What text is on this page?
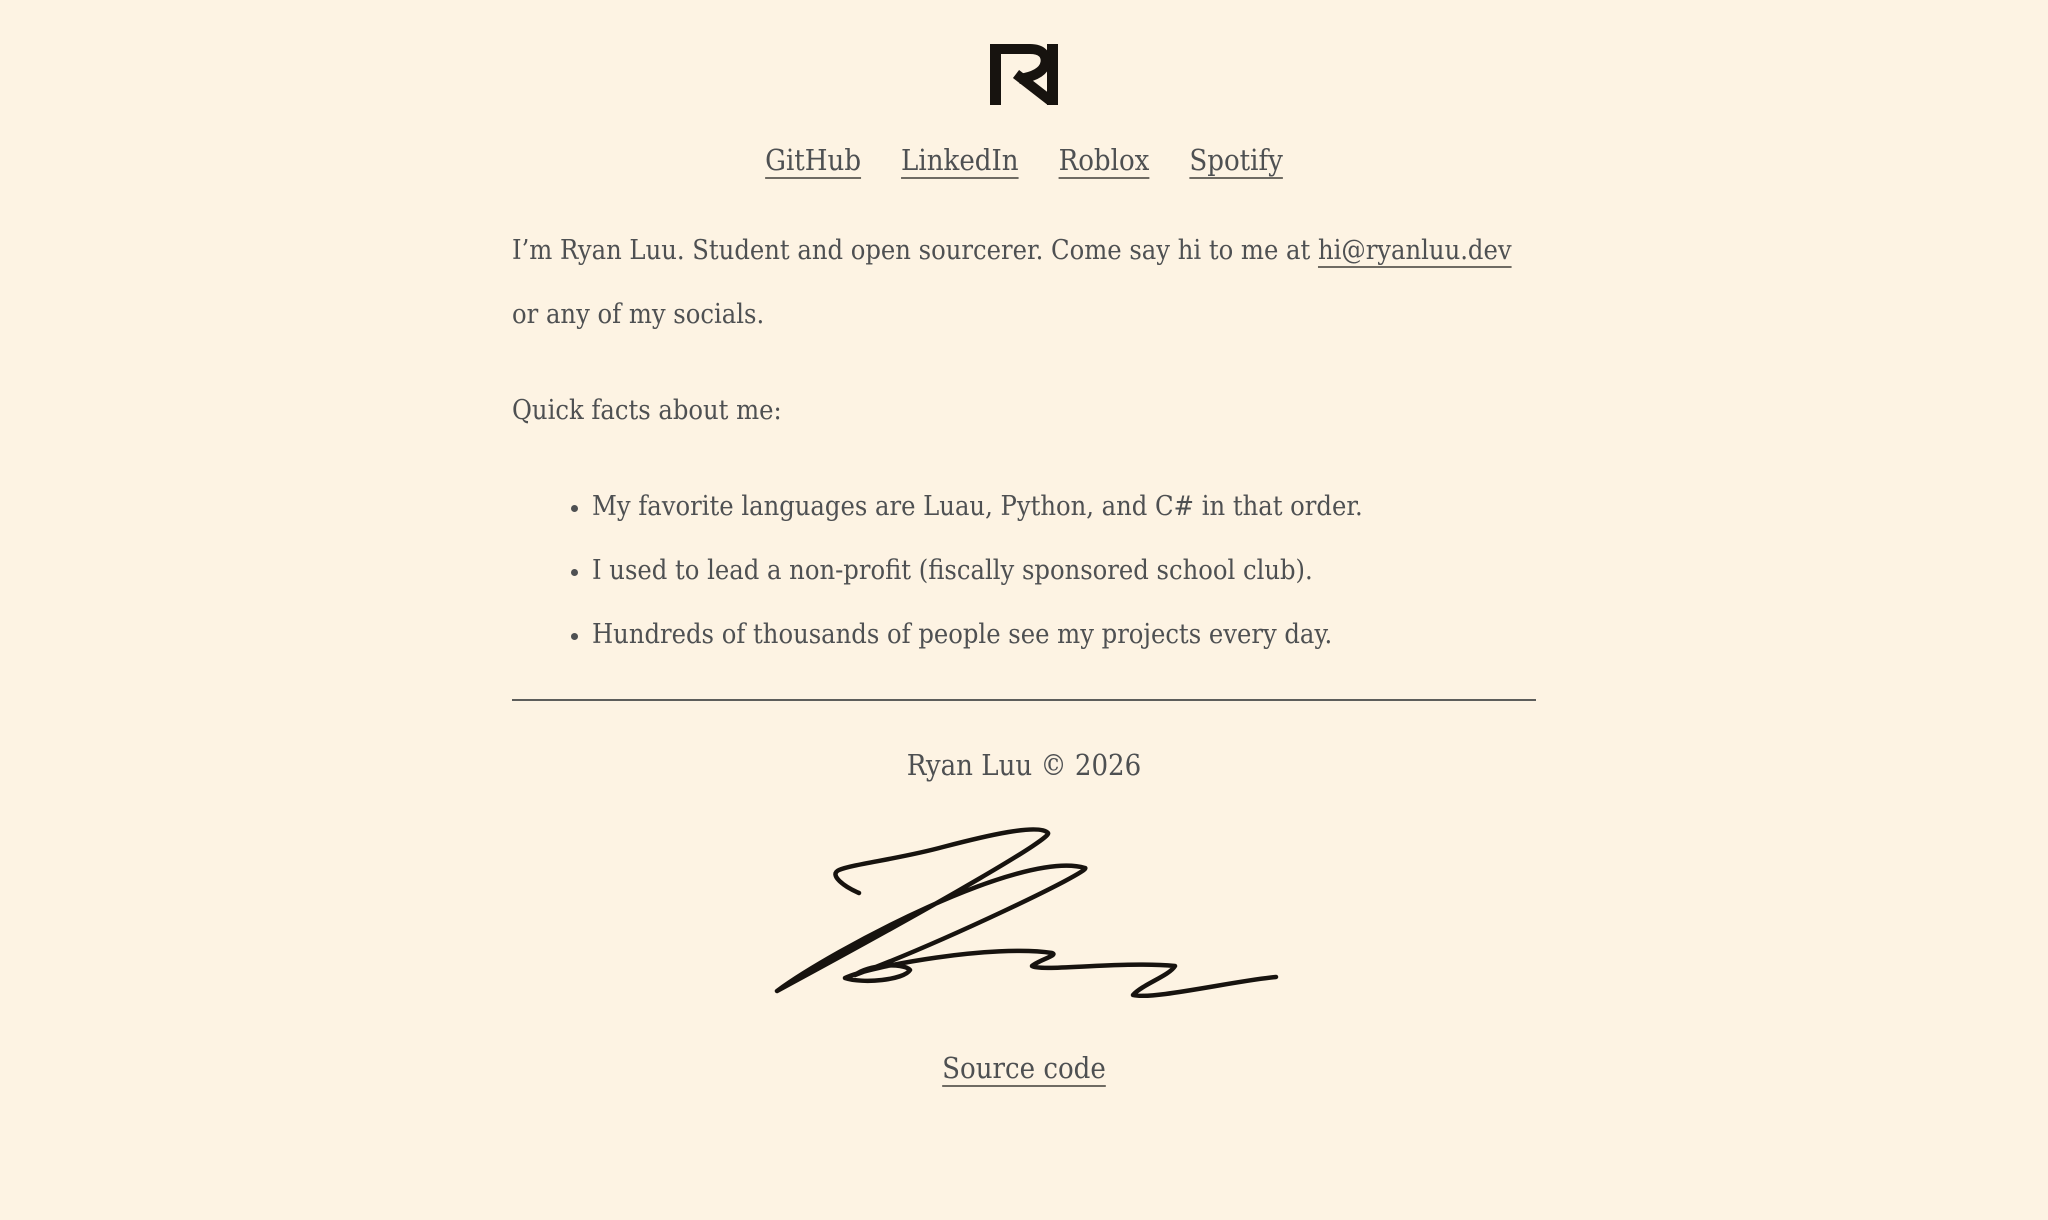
GitHub LinkedIn Roblox Spotify

I’m Ryan Luu. Student and open sourcerer. Come say hi to me at hi@ryanluu.dev or any of my socials.

Quick facts about me:

• My favorite languages are Luau, Python, and C# in that order.
• I used to lead a non-profit (fiscally sponsored school club).
• Hundreds of thousands of people see my projects every day.

Ryan Luu © 2026

Source code
